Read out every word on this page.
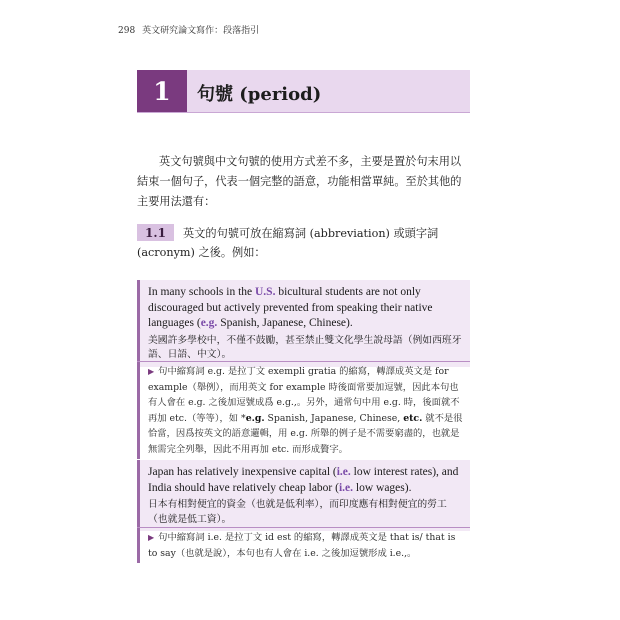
298 英文研究論文寫作：段落指引
1	句號 (period)
英文句號與中文句號的使用方式差不多，主要是置於句末用以結束一個句子，代表一個完整的語意，功能相當單純。至於其他的主要用法還有：
英文的句號可放在縮寫詞 (abbreviation) 或頭字詞 (acronym) 之後。例如：
1.1
In many schools in the U.S. bicultural students are not only discouraged but actively prevented from speaking their native languages (e.g. Spanish, Japanese, Chinese).
美國許多學校中，不僅不鼓勵，甚至禁止雙文化學生說母語（例如西班牙語、日語、中文）。
▶ 句中縮寫詞 e.g. 是拉丁文 exempli gratia 的縮寫，轉譯成英文是 for example（舉例），而用英文 for example 時後面常要加逗號，因此本句也有人會在 e.g. 之後加逗號成爲 e.g.,。另外，通常句中用 e.g. 時，後面就不再加 etc.（等等），如 *e.g. Spanish, Japanese, Chinese, etc. 就不是很恰當，因爲按英文的語意邏輯，用 e.g. 所舉的例子是不需要窮盡的，也就是無需完全列舉，因此不用再加 etc. 而形成贅字。
Japan has relatively inexpensive capital (i.e. low interest rates), and India should have relatively cheap labor (i.e. low wages).
日本有相對便宜的資金（也就是低利率），而印度應有相對便宜的勞工（也就是低工資）。
▶ 句中縮寫詞 i.e. 是拉丁文 id est 的縮寫，轉譯成英文是 that is/ that is to say（也就是說），本句也有人會在 i.e. 之後加逗號形成 i.e.,。
